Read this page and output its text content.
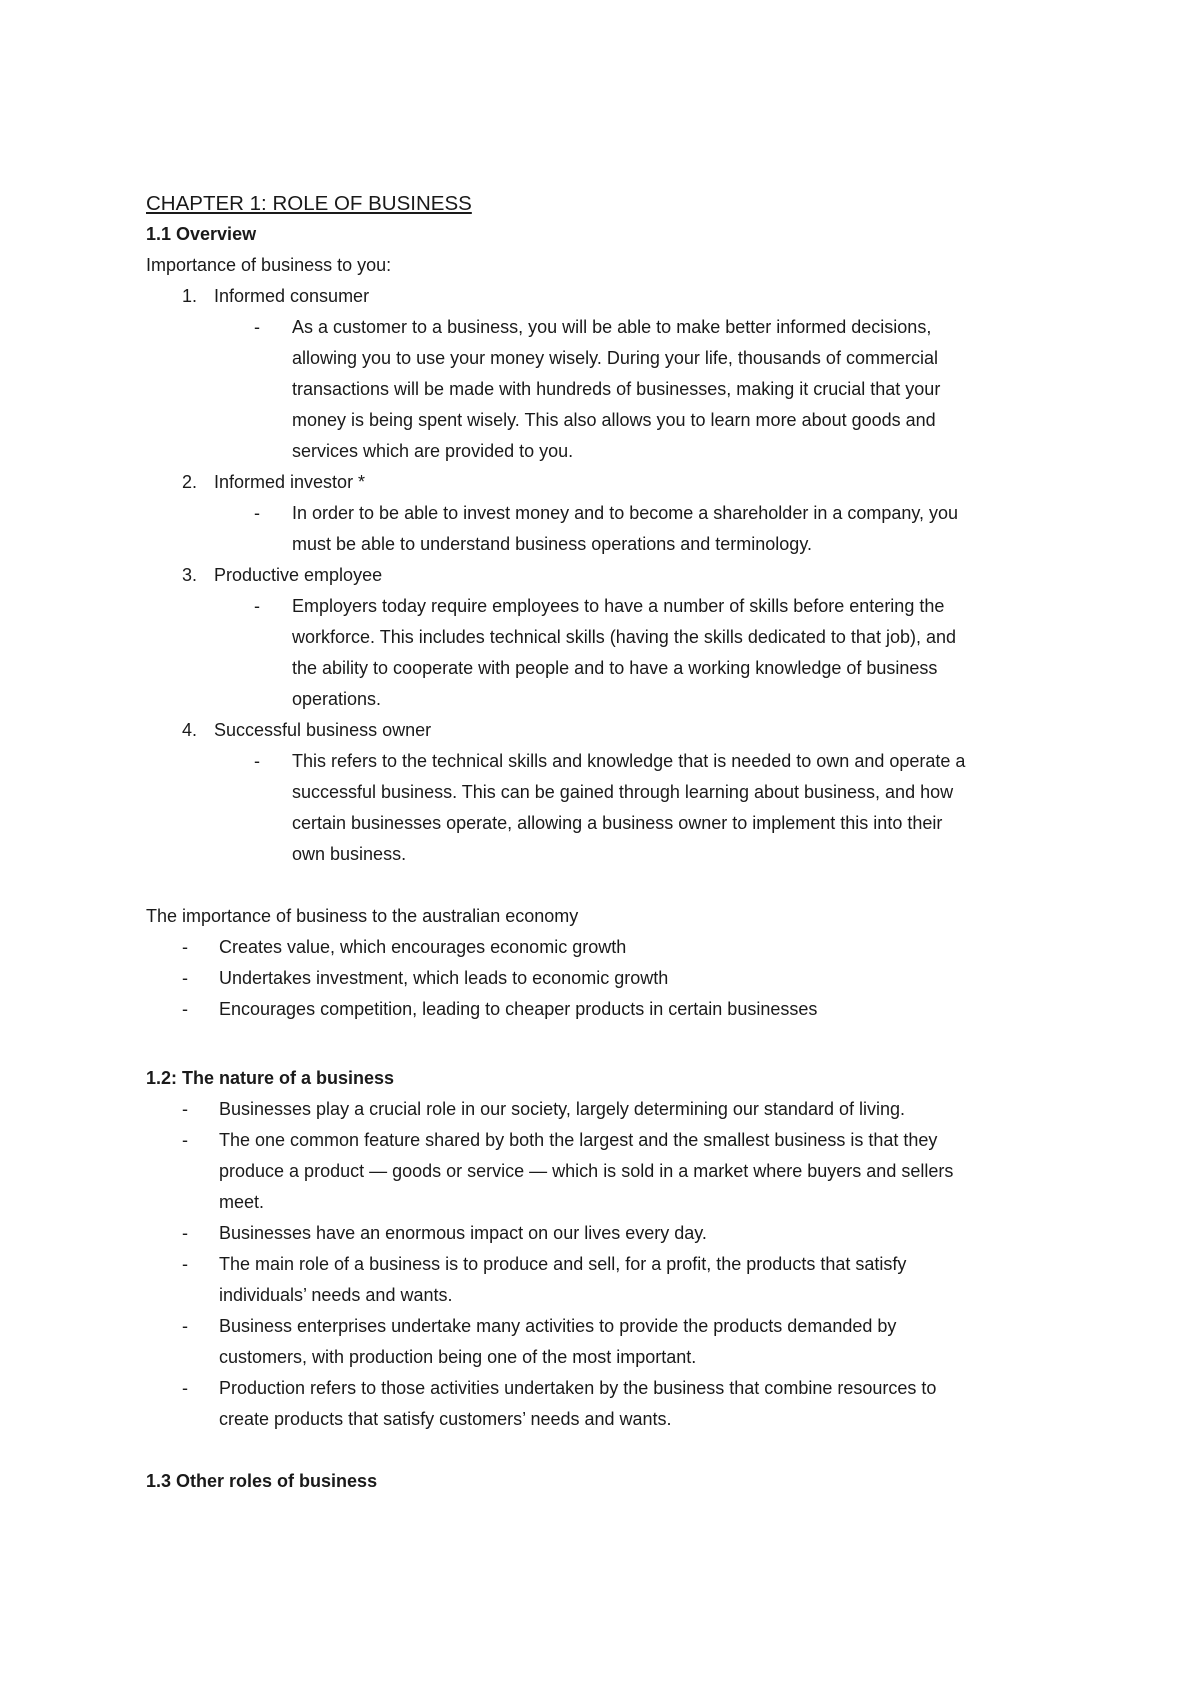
CHAPTER 1: ROLE OF BUSINESS
1.1 Overview
Importance of business to you:
1. Informed consumer
- As a customer to a business, you will be able to make better informed decisions,
allowing you to use your money wisely. During your life, thousands of commercial
transactions will be made with hundreds of businesses, making it crucial that your
money is being spent wisely. This also allows you to learn more about goods and
services which are provided to you.
2. Informed investor *
- In order to be able to invest money and to become a shareholder in a company, you
must be able to understand business operations and terminology.
3. Productive employee
- Employers today require employees to have a number of skills before entering the
workforce. This includes technical skills (having the skills dedicated to that job), and
the ability to cooperate with people and to have a working knowledge of business
operations.
4. Successful business owner
- This refers to the technical skills and knowledge that is needed to own and operate a
successful business. This can be gained through learning about business, and how
certain businesses operate, allowing a business owner to implement this into their
own business.
The importance of business to the australian economy
- Creates value, which encourages economic growth
- Undertakes investment, which leads to economic growth
- Encourages competition, leading to cheaper products in certain businesses
1.2: The nature of a business
- Businesses play a crucial role in our society, largely determining our standard of living.
- The one common feature shared by both the largest and the smallest business is that they
produce a product — goods or service — which is sold in a market where buyers and sellers
meet.
- Businesses have an enormous impact on our lives every day.
- The main role of a business is to produce and sell, for a profit, the products that satisfy
individuals’ needs and wants.
- Business enterprises undertake many activities to provide the products demanded by
customers, with production being one of the most important.
- Production refers to those activities undertaken by the business that combine resources to
create products that satisfy customers’ needs and wants.
1.3 Other roles of business
